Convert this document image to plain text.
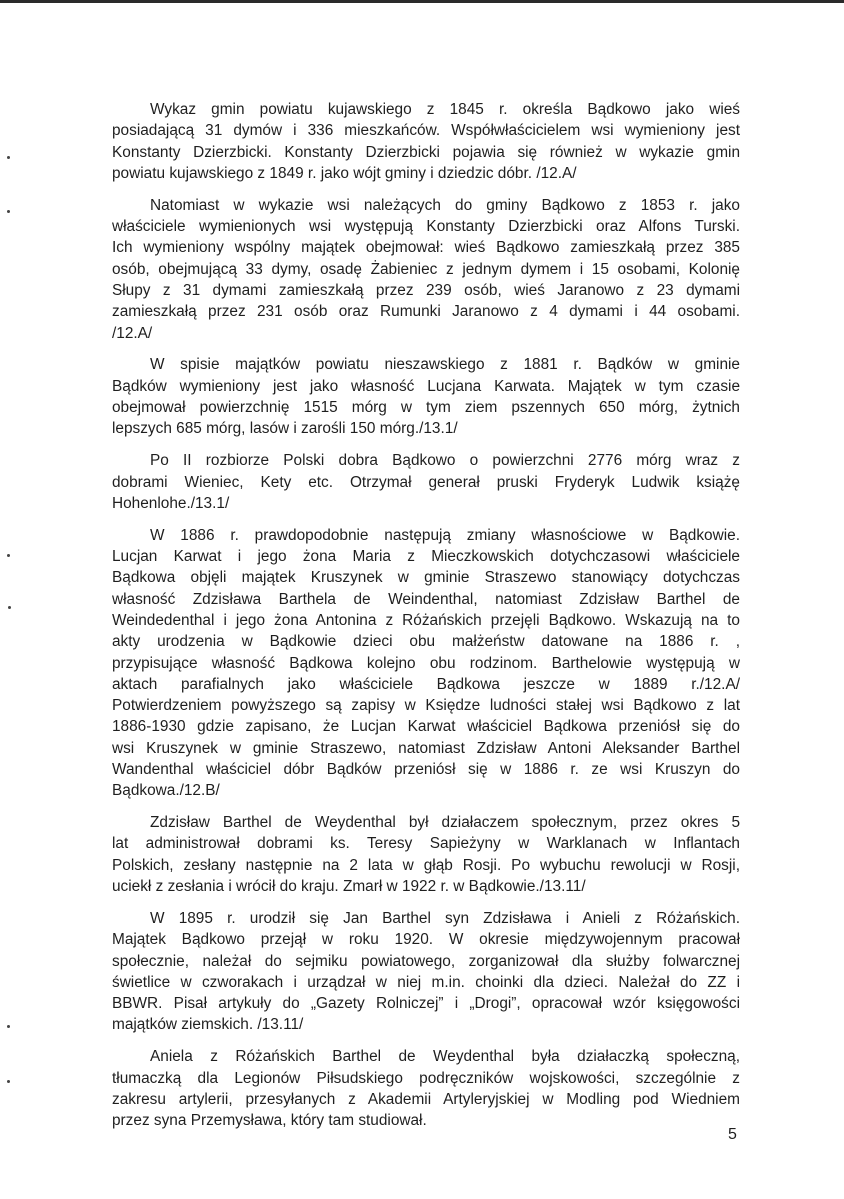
Wykaz gmin powiatu kujawskiego z 1845 r. określa Bądkowo jako wieś
posiadającą 31 dymów i 336 mieszkańców. Współwłaścicielem wsi wymieniony jest
Konstanty Dzierzbicki. Konstanty Dzierzbicki pojawia się również w wykazie gmin
powiatu kujawskiego z 1849 r. jako wójt gminy i dziedzic dóbr. /12.A/
Natomiast w wykazie wsi należących do gminy Bądkowo z 1853 r. jako
właściciele wymienionych wsi występują Konstanty Dzierzbicki oraz Alfons Turski.
Ich wymieniony wspólny majątek obejmował: wieś Bądkowo zamieszkałą przez 385
osób, obejmującą 33 dymy, osadę Żabieniec z jednym dymem i 15 osobami, Kolonię
Słupy z 31 dymami zamieszkałą przez 239 osób, wieś Jaranowo z 23 dymami
zamieszkałą przez 231 osób oraz Rumunki Jaranowo z 4 dymami i 44 osobami.
/12.A/
W spisie majątków powiatu nieszawskiego z 1881 r. Bądków w gminie
Bądków wymieniony jest jako własność Lucjana Karwata. Majątek w tym czasie
obejmował powierzchnię 1515 mórg w tym ziem pszennych 650 mórg, żytnich
lepszych 685 mórg, lasów i zarośli 150 mórg./13.1/
Po II rozbiorze Polski dobra Bądkowo o powierzchni 2776 mórg wraz z
dobrami Wieniec, Kety etc. Otrzymał generał pruski Fryderyk Ludwik książę
Hohenlohe./13.1/
W 1886 r. prawdopodobnie następują zmiany własnościowe w Bądkowie.
Lucjan Karwat i jego żona Maria z Mieczkowskich dotychczasowi właściciele
Bądkowa objęli majątek Kruszynek w gminie Straszewo stanowiący dotychczas
własność Zdzisława Barthela de Weindenthal, natomiast Zdzisław Barthel de
Weindedenthal i jego żona Antonina z Różańskich przejęli Bądkowo. Wskazują na to
akty urodzenia w Bądkowie dzieci obu małżeństw datowane na 1886 r. ,
przypisujące własność Bądkowa kolejno obu rodzinom. Barthelowie występują w
aktach parafialnych jako właściciele Bądkowa jeszcze w 1889 r./12.A/
Potwierdzeniem powyższego są zapisy w Księdze ludności stałej wsi Bądkowo z lat
1886-1930 gdzie zapisano, że Lucjan Karwat właściciel Bądkowa przeniósł się do
wsi Kruszynek w gminie Straszewo, natomiast Zdzisław Antoni Aleksander Barthel
Wandenthal właściciel dóbr Bądków przeniósł się w 1886 r. ze wsi Kruszyn do
Bądkowa./12.B/
Zdzisław Barthel de Weydenthal był działaczem społecznym, przez okres 5
lat administrował dobrami ks. Teresy Sapieżyny w Warklanach w Inflantach
Polskich, zesłany następnie na 2 lata w głąb Rosji. Po wybuchu rewolucji w Rosji,
uciekł z zesłania i wrócił do kraju. Zmarł w 1922 r. w Bądkowie./13.11/
W 1895 r. urodził się Jan Barthel syn Zdzisława i Anieli z Różańskich.
Majątek Bądkowo przejął w roku 1920. W okresie międzywojennym pracował
społecznie, należał do sejmiku powiatowego, zorganizował dla służby folwarcznej
świetlice w czworakach i urządzał w niej m.in. choinki dla dzieci. Należał do ZZ i
BBWR. Pisał artykuły do „Gazety Rolniczej” i „Drogi”, opracował wzór księgowości
majątków ziemskich. /13.11/
Aniela z Różańskich Barthel de Weydenthal była działaczką społeczną,
tłumaczką dla Legionów Piłsudskiego podręczników wojskowości, szczególnie z
zakresu artylerii, przesyłanych z Akademii Artyleryjskiej w Modling pod Wiedniem
przez syna Przemysława, który tam studiował.
5
